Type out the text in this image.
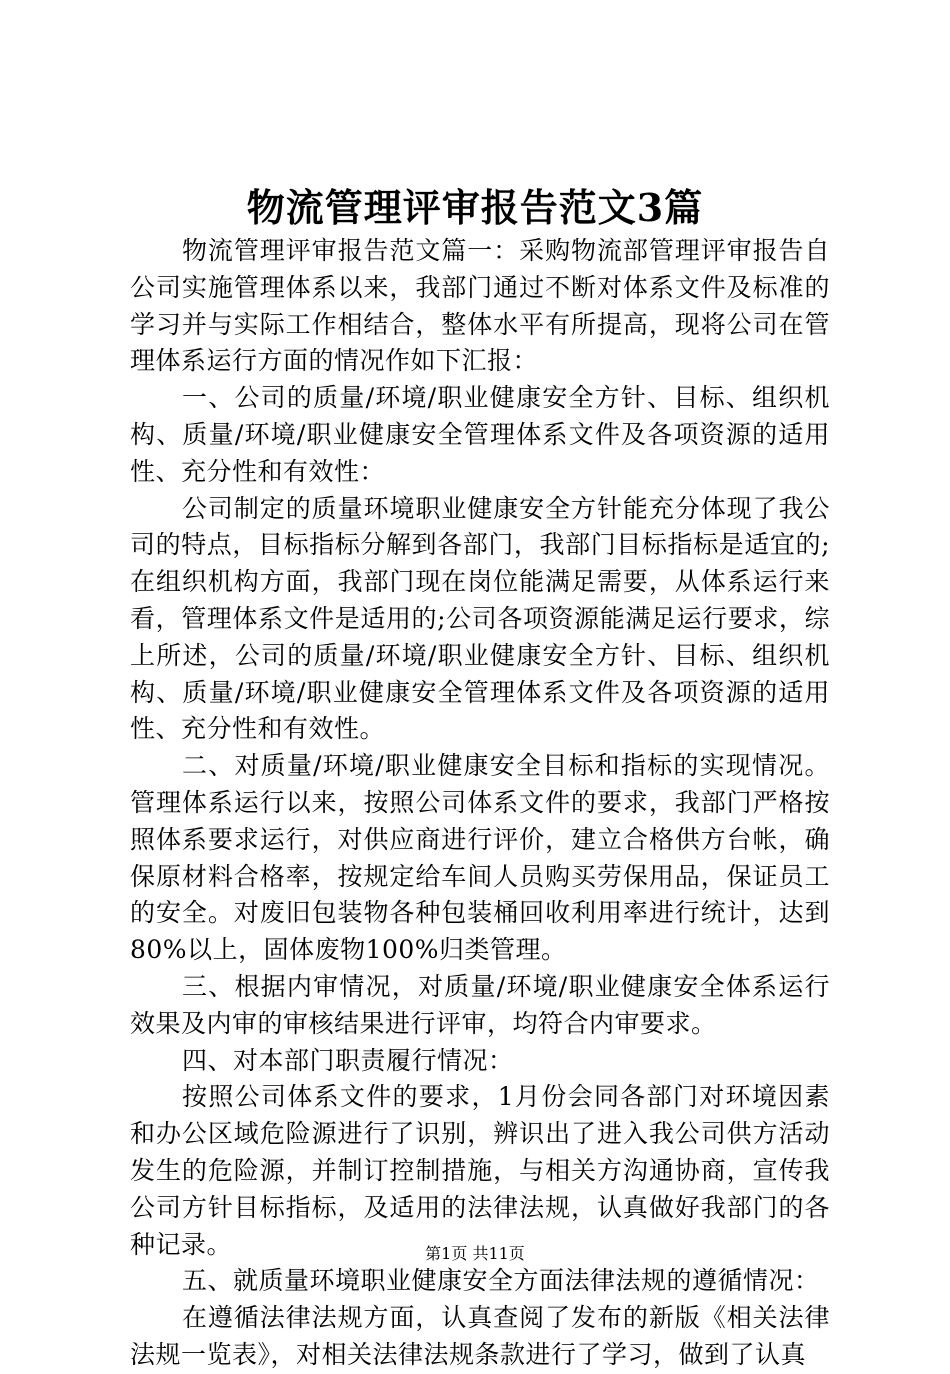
物流管理评审报告范文3篇

物流管理评审报告范文篇一：采购物流部管理评审报告自公司实施管理体系以来，我部门通过不断对体系文件及标准的学习并与实际工作相结合，整体水平有所提高，现将公司在管理体系运行方面的情况作如下汇报：

一、公司的质量/环境/职业健康安全方针、目标、组织机构、质量/环境/职业健康安全管理体系文件及各项资源的适用性、充分性和有效性：

公司制定的质量环境职业健康安全方针能充分体现了我公司的特点，目标指标分解到各部门，我部门目标指标是适宜的;在组织机构方面，我部门现在岗位能满足需要，从体系运行来看，管理体系文件是适用的;公司各项资源能满足运行要求，综上所述，公司的质量/环境/职业健康安全方针、目标、组织机构、质量/环境/职业健康安全管理体系文件及各项资源的适用性、充分性和有效性。

二、对质量/环境/职业健康安全目标和指标的实现情况。管理体系运行以来，按照公司体系文件的要求，我部门严格按照体系要求运行，对供应商进行评价，建立合格供方台帐，确保原材料合格率，按规定给车间人员购买劳保用品，保证员工的安全。对废旧包装物各种包装桶回收利用率进行统计，达到80%以上，固体废物100%归类管理。

三、根据内审情况，对质量/环境/职业健康安全体系运行效果及内审的审核结果进行评审，均符合内审要求。

四、对本部门职责履行情况：

按照公司体系文件的要求，1月份会同各部门对环境因素和办公区域危险源进行了识别，辨识出了进入我公司供方活动发生的危险源，并制订控制措施，与相关方沟通协商，宣传我公司方针目标指标，及适用的法律法规，认真做好我部门的各种记录。

五、就质量环境职业健康安全方面法律法规的遵循情况：

在遵循法律法规方面，认真查阅了发布的新版《相关法律法规一览表》，对相关法律法规条款进行了学习，做到了认真

第1页 共11页
